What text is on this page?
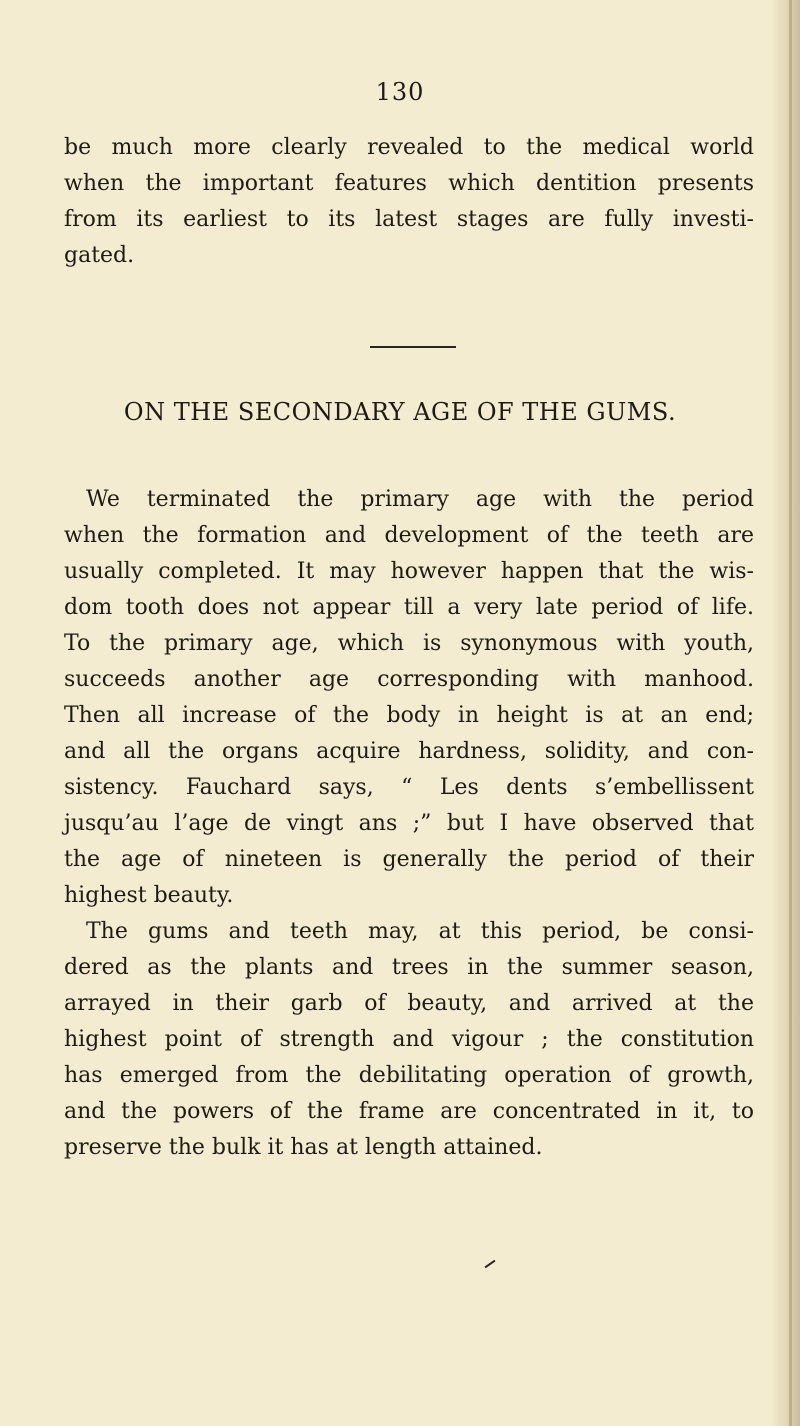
130
be much more clearly revealed to the medical world
when the important features which dentition presents
from its earliest to its latest stages are fully investi-
gated.
ON THE SECONDARY AGE OF THE GUMS.
We terminated the primary age with the period
when the formation and development of the teeth are
usually completed. It may however happen that the wis-
dom tooth does not appear till a very late period of life.
To the primary age, which is synonymous with youth,
succeeds another age corresponding with manhood.
Then all increase of the body in height is at an end;
and all the organs acquire hardness, solidity, and con-
sistency. Fauchard says, “ Les dents s’embellissent
jusqu’au l’age de vingt ans ;” but I have observed that
the age of nineteen is generally the period of their
highest beauty.
The gums and teeth may, at this period, be consi-
dered as the plants and trees in the summer season,
arrayed in their garb of beauty, and arrived at the
highest point of strength and vigour ; the constitution
has emerged from the debilitating operation of growth,
and the powers of the frame are concentrated in it, to
preserve the bulk it has at length attained.
